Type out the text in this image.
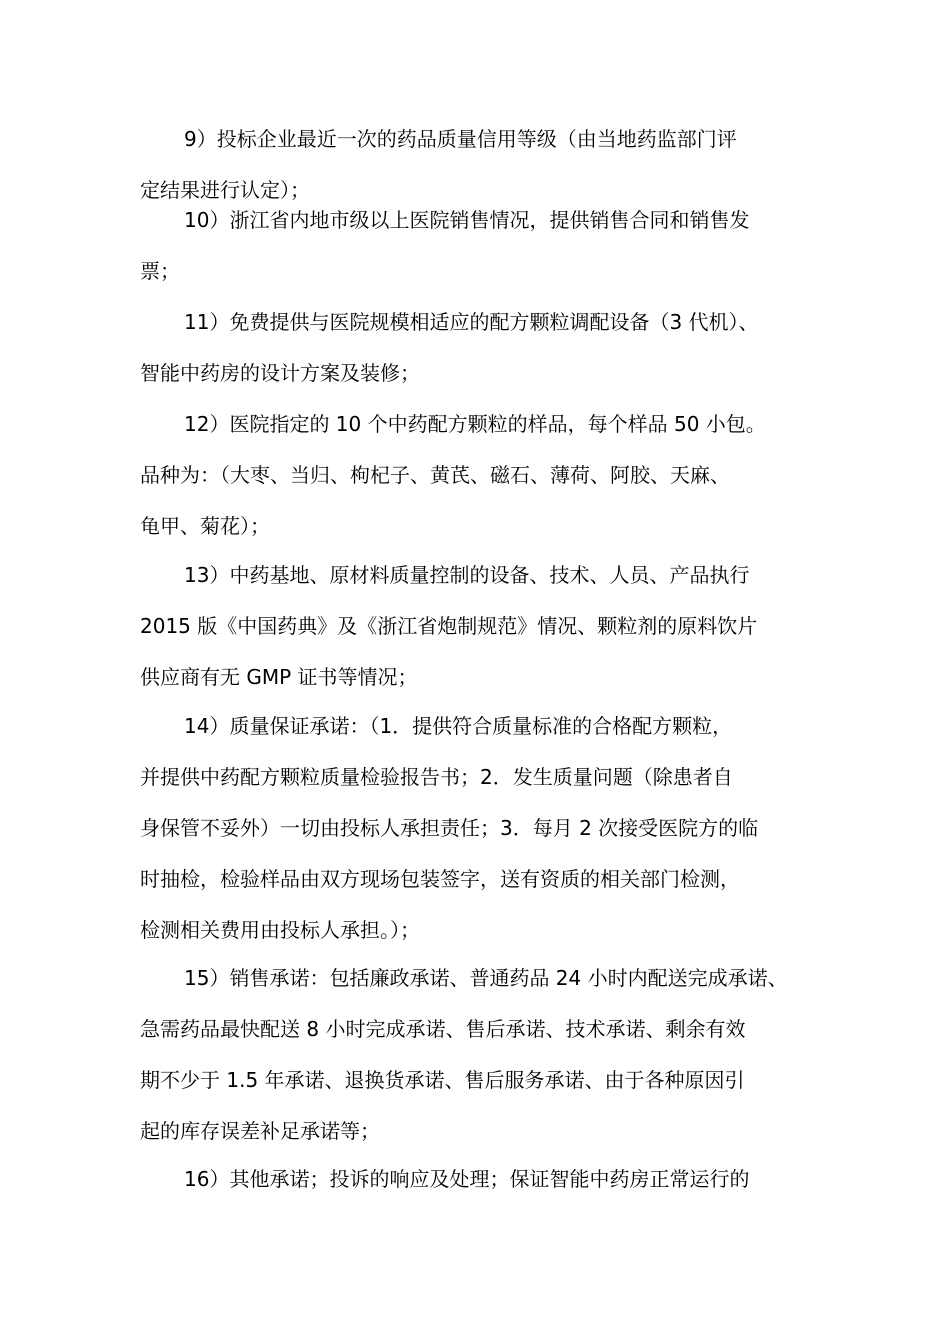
9）投标企业最近一次的药品质量信用等级（由当地药监部门评
定结果进行认定）；
10）浙江省内地市级以上医院销售情况，提供销售合同和销售发
票；
11）免费提供与医院规模相适应的配方颗粒调配设备（3 代机）、
智能中药房的设计方案及装修；
12）医院指定的 10 个中药配方颗粒的样品，每个样品 50 小包。
品种为：（大枣、当归、枸杞子、黄芪、磁石、薄荷、阿胶、天麻、
龟甲、菊花）；
13）中药基地、原材料质量控制的设备、技术、人员、产品执行
2015 版《中国药典》及《浙江省炮制规范》情况、颗粒剂的原料饮片
供应商有无 GMP 证书等情况；
14）质量保证承诺：（1．提供符合质量标准的合格配方颗粒，
并提供中药配方颗粒质量检验报告书；2．发生质量问题（除患者自
身保管不妥外）一切由投标人承担责任；3．每月 2 次接受医院方的临
时抽检，检验样品由双方现场包装签字，送有资质的相关部门检测，
检测相关费用由投标人承担。）；
15）销售承诺：包括廉政承诺、普通药品 24 小时内配送完成承诺、
急需药品最快配送 8 小时完成承诺、售后承诺、技术承诺、剩余有效
期不少于 1.5 年承诺、退换货承诺、售后服务承诺、由于各种原因引
起的库存误差补足承诺等；
16）其他承诺；投诉的响应及处理；保证智能中药房正常运行的
